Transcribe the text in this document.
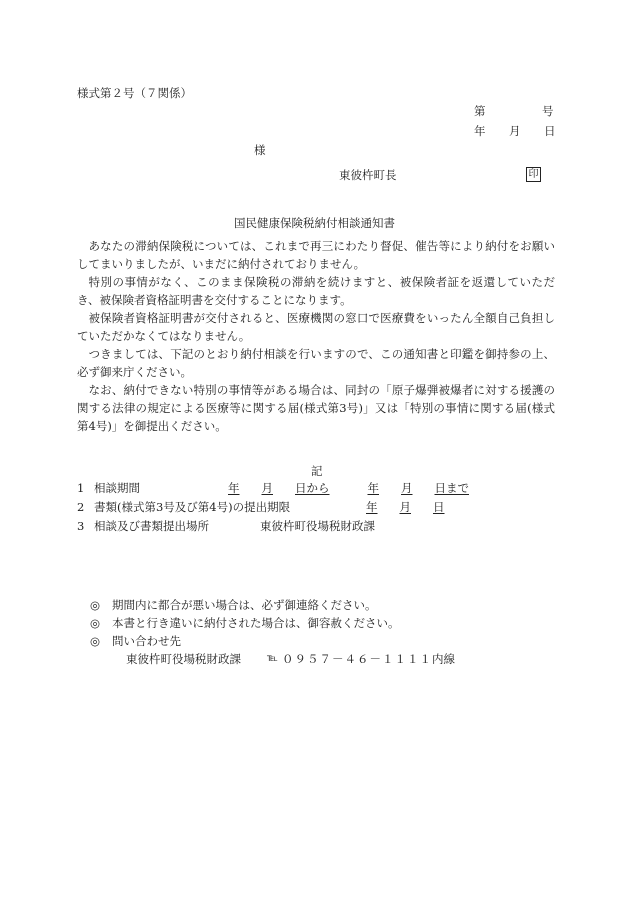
様式第２号（７関係）
第	号
年 月 日
様
東彼杵町長	印
国民健康保険税納付相談通知書

あなたの滞納保険税については、これまで再三にわたり督促、催告等により納付をお願いしてまいりましたが、いまだに納付されておりません。

特別の事情がなく、このまま保険税の滞納を続けますと、被保険者証を返還していただき、被保険者資格証明書を交付することになります。

被保険者資格証明書が交付されると、医療機関の窓口で医療費をいったん全額自己負担していただかなくてはなりません。

つきましては、下記のとおり納付相談を行いますので、この通知書と印鑑を御持参の上、必ず御来庁ください。

なお、納付できない特別の事情等がある場合は、同封の「原子爆弾被爆者に対する援護の関する法律の規定による医療等に関する届(様式第3号)」又は「特別の事情に関する届(様式第4号)」を御提出ください。

記
1 相談期間	年 月 日から	年 月 日まで
2 書類(様式第3号及び第4号)の提出期限	年 月 日
3 相談及び書類提出場所	東彼杵町役場税財政課
◎ 期間内に都合が悪い場合は、必ず御連絡ください。
◎ 本書と行き違いに納付された場合は、御容赦ください。
◎ 問い合わせ先
東彼杵町役場税財政課	℡ ０９５７－４６－１１１１ 内線
